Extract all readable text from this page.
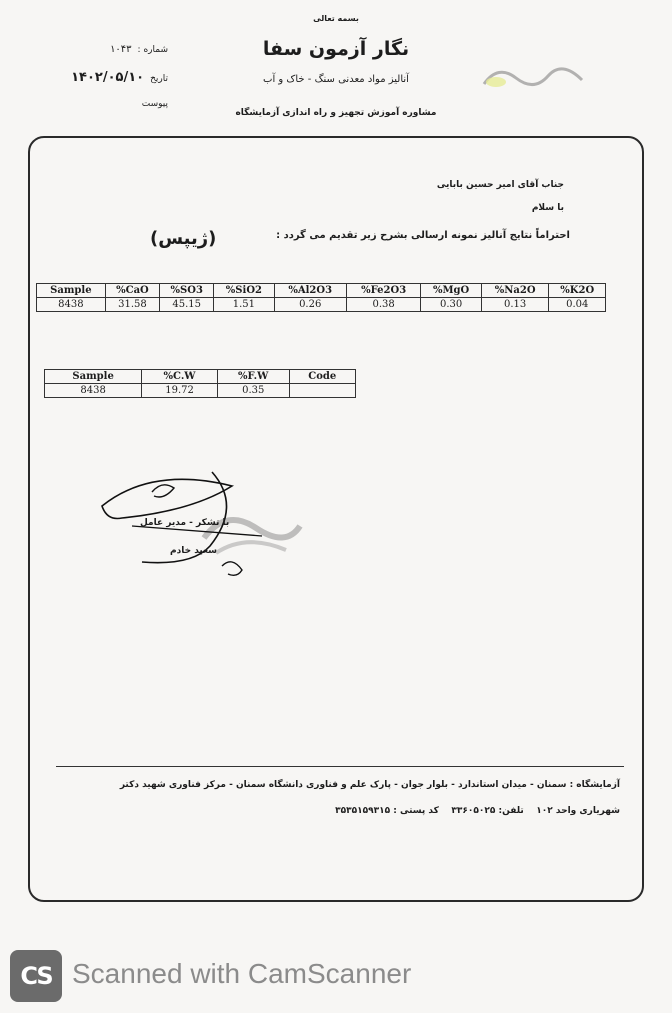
بسمه تعالی
نگار آزمون سفا
آنالیز مواد معدنی سنگ - خاک و آب
مشاوره آموزش تجهیز و راه اندازی آزمایشگاه
شماره :۱۰۴۳
تاریخ۱۴۰۲/۰۵/۱۰
پیوست
جناب آقای امیر حسین بابایی
با سلام
احتراماً نتایج آنالیز نمونه ارسالی بشرح زیر تقدیم می گردد :
(ژیپس)
Sample	%CaO	%SO3	%SiO2	%Al2O3	%Fe2O3	%MgO	%Na2O	%K2O
8438	31.58	45.15	1.51	0.26	0.38	0.30	0.13	0.04
Sample	%C.W	%F.W	Code
8438	19.72	0.35	
با تشکر - مدیر عامل
سعید خادم
آزمایشگاه : سمنان - میدان استاندارد - بلوار جوان - پارک علم و فناوری دانشگاه سمنان - مرکز فناوری شهید دکتر
شهریاری واحد ۱۰۲    تلفن: ۳۳۶۰۵۰۲۵    کد پستی : ۳۵۳۵۱۵۹۳۱۵
CS Scanned with CamScanner
